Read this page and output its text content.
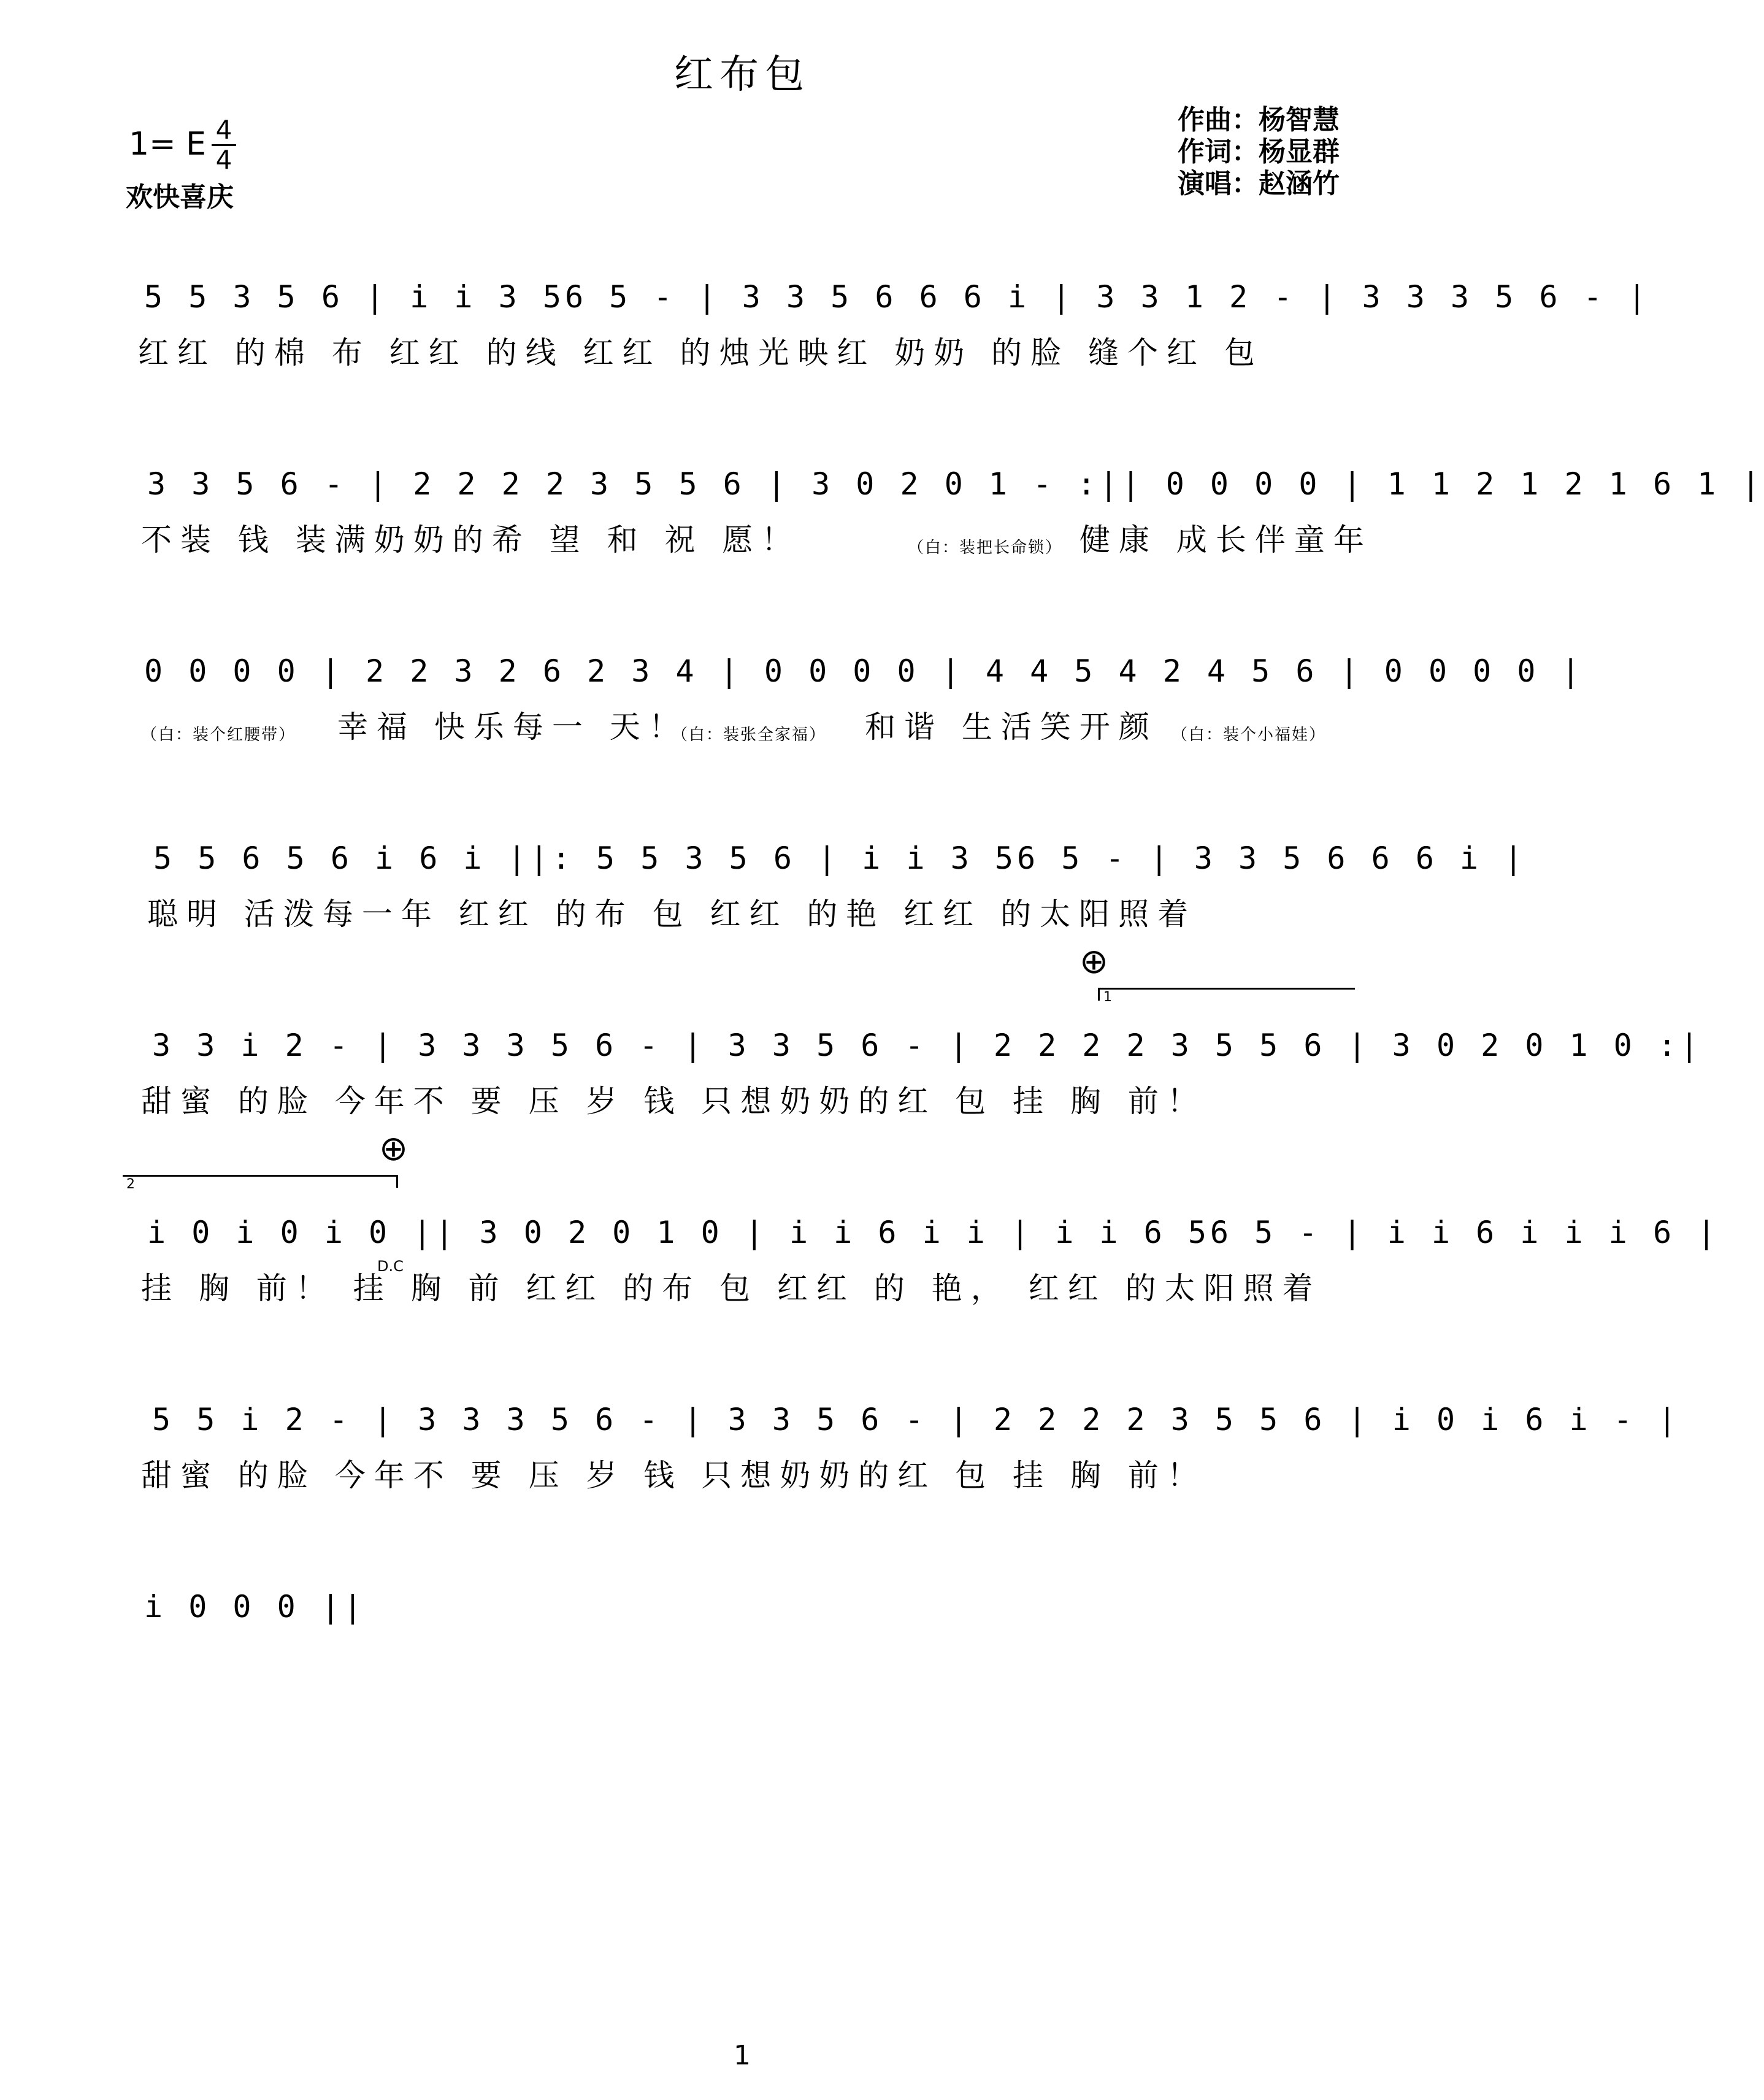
红布包
1= E 4
4
欢快喜庆
作曲：杨智慧
作词：杨显群
演唱：赵涵竹
5 5 3 5 6 | i i 3 56 5 - | 3 3 5 6 6 6 i | 3 3 1 2 - | 3 3 3 5 6 - |
红红 的棉 布 红红 的线 红红 的烛光映红 奶奶 的脸 缝个红 包
3 3 5 6 - | 2 2 2 2 3 5 5 6 | 3 0 2 0 1 - :|| 0 0 0 0 | 1 1 2 1 2 1 6 1 |
不装 钱 装满奶奶的希 望 和 祝 愿！	（白：装把长命锁） 健康 成长伴童年
0 0 0 0 | 2 2 3 2 6 2 3 4 | 0 0 0 0 | 4 4 5 4 2 4 5 6 | 0 0 0 0 |
（白：装个红腰带） 幸福 快乐每一 天！
（白：装张全家福） 和谐 生活笑开颜 （白：装个小福娃）
5 5 6 5 6 i 6 i ||: 5 5 3 5 6 | i i 3 56 5 - | 3 3 5 6 6 6 i |
聪明 活泼每一年 红红 的布 包 红红 的艳 红红 的太阳照着
⊕
1
3 3 i 2 - | 3 3 3 5 6 - | 3 3 5 6 - | 2 2 2 2 3 5 5 6 | 3 0 2 0 1 0 :|
甜蜜 的脸 今年不 要 压 岁 钱 只想奶奶的红 包 挂 胸 前！
⊕
2
i 0 i 0 i 0 || 3 0 2 0 1 0 | i i 6 i i | i i 6 56 5 - | i i 6 i i i 6 |
D.C
挂 胸 前！ 挂 胸 前 红红 的布 包 红红 的 艳， 红红 的太阳照着
5 5 i 2 - | 3 3 3 5 6 - | 3 3 5 6 - | 2 2 2 2 3 5 5 6 | i 0 i 6 i - |
甜蜜 的脸 今年不 要 压 岁 钱 只想奶奶的红 包 挂 胸 前！
i 0 0 0 ||
1
